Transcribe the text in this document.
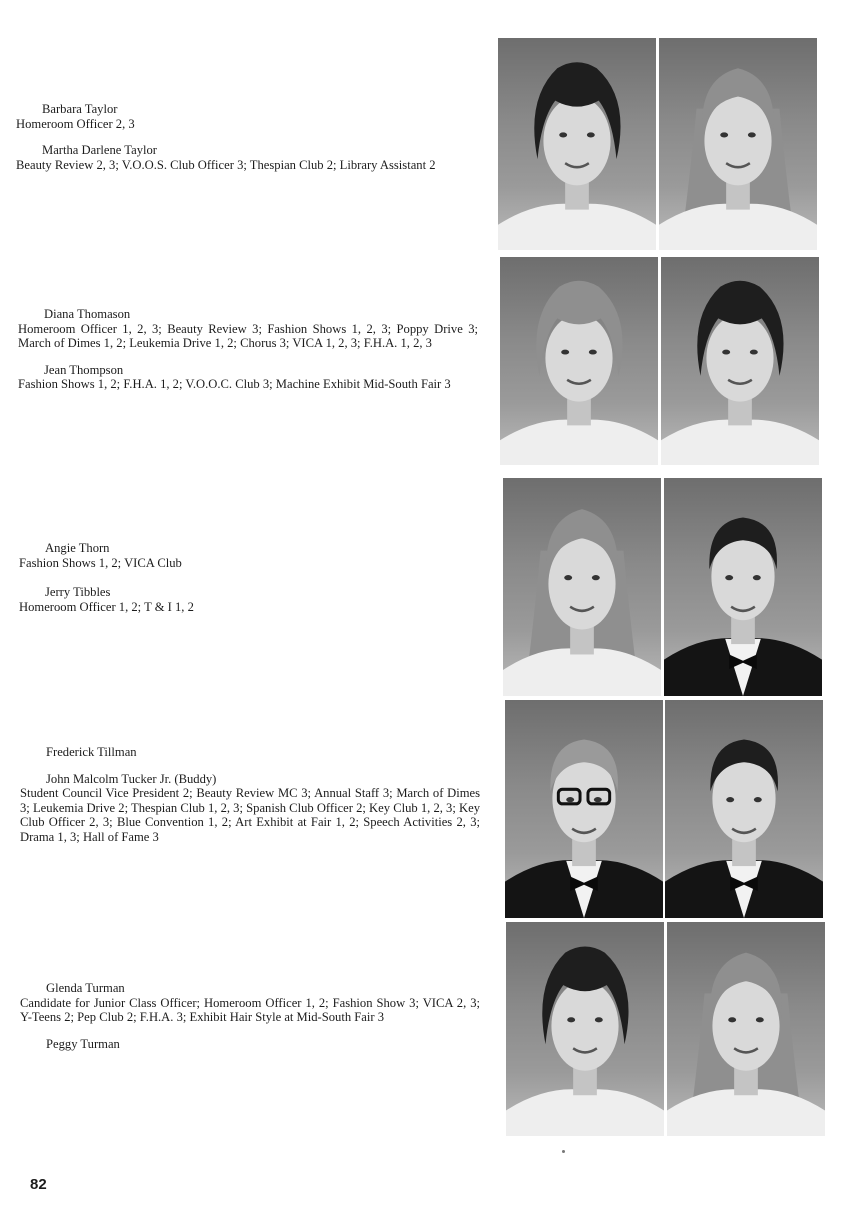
Barbara Taylor
Homeroom Officer 2, 3
Martha Darlene Taylor
Beauty Review 2, 3; V.O.O.S. Club Officer 3; Thespian Club 2; Library Assistant 2
Diana Thomason
Homeroom Officer 1, 2, 3; Beauty Review 3; Fashion Shows 1, 2, 3; Poppy Drive 3; March of Dimes 1, 2; Leukemia Drive 1, 2; Chorus 3; VICA 1, 2, 3; F.H.A. 1, 2, 3
Jean Thompson
Fashion Shows 1, 2; F.H.A. 1, 2; V.O.O.C. Club 3; Machine Exhibit Mid-South Fair 3
Angie Thorn
Fashion Shows 1, 2; VICA Club
Jerry Tibbles
Homeroom Officer 1, 2; T & I 1, 2
Frederick Tillman
John Malcolm Tucker Jr. (Buddy)
Student Council Vice President 2; Beauty Review MC 3; Annual Staff 3; March of Dimes 3; Leukemia Drive 2; Thespian Club 1, 2, 3; Spanish Club Officer 2; Key Club 1, 2, 3; Key Club Officer 2, 3; Blue Convention 1, 2; Art Exhibit at Fair 1, 2; Speech Activities 2, 3; Drama 1, 3; Hall of Fame 3
Glenda Turman
Candidate for Junior Class Officer; Homeroom Officer 1, 2; Fashion Show 3; VICA 2, 3; Y-Teens 2; Pep Club 2; F.H.A. 3; Exhibit Hair Style at Mid-South Fair 3
Peggy Turman
82
